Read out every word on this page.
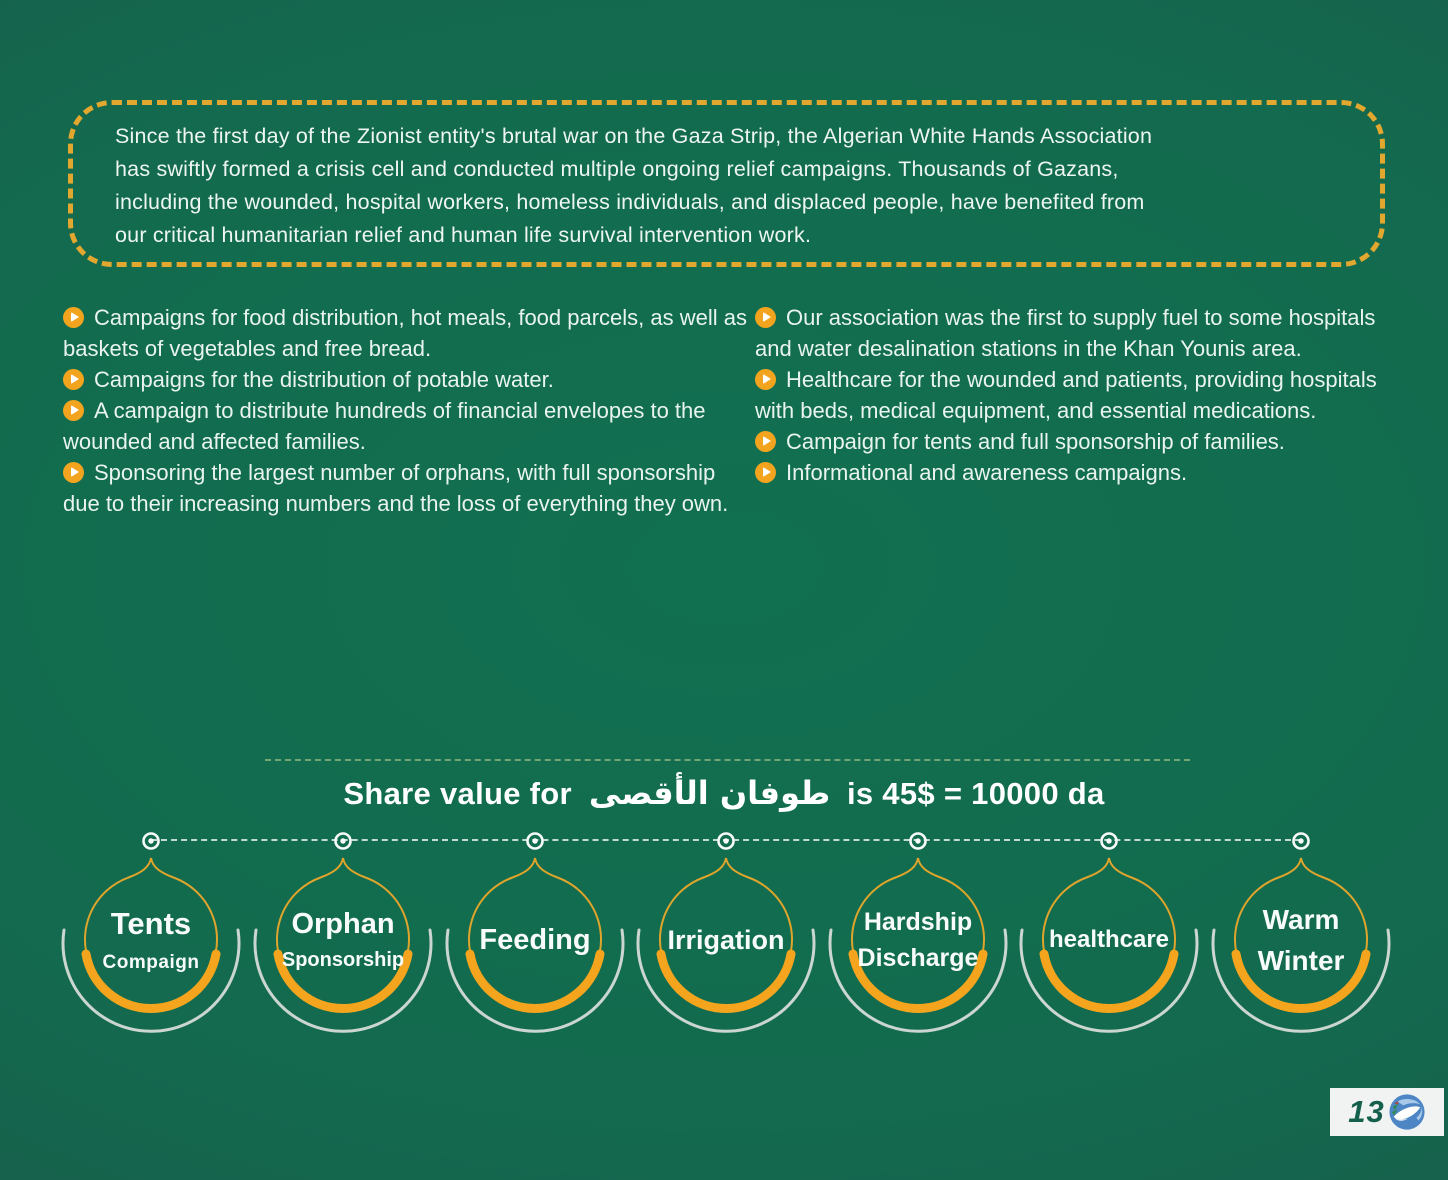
Since the first day of the Zionist entity's brutal war on the Gaza Strip, the Algerian White Hands Association
has swiftly formed a crisis cell and conducted multiple ongoing relief campaigns. Thousands of Gazans,
including the wounded, hospital workers, homeless individuals, and displaced people, have benefited from
our critical humanitarian relief and human life survival intervention work.

Campaigns for food distribution, hot meals, food parcels, as well as baskets of vegetables and free bread.

Campaigns for the distribution of potable water.

A campaign to distribute hundreds of financial envelopes to the wounded and affected families.

Sponsoring the largest number of orphans, with full sponsorship due to their increasing numbers and the loss of everything they own.

Our association was the first to supply fuel to some hospitals and water desalination stations in the Khan Younis area.

Healthcare for the wounded and patients, providing hospitals with beds, medical equipment, and essential medications.

Campaign for tents and full sponsorship of families.

Informational and awareness campaigns.

Share value for طوفان الأقصى is 45$ = 10000 da
Tents
Compaign
Orphan
Sponsorship
Feeding	Irrigation
Hardship
Discharge
healthcare
Warm
Winter
13
